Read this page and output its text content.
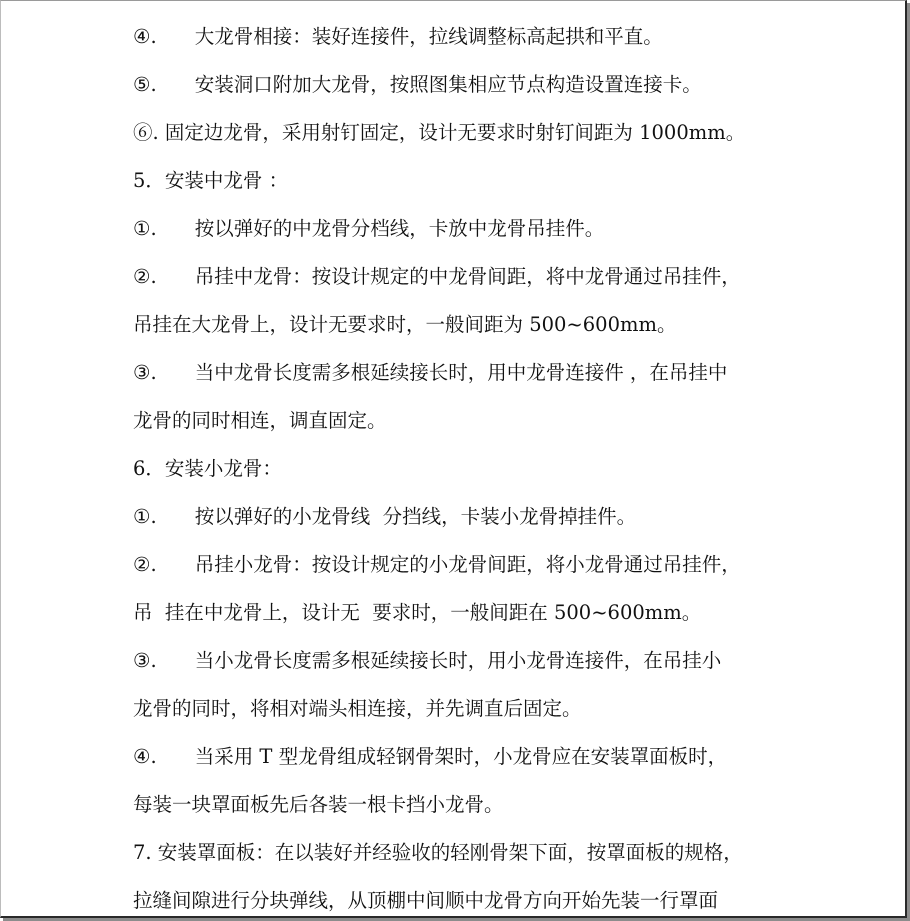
④. 大龙骨相接：装好连接件，拉线调整标高起拱和平直。
⑤. 安装洞口附加大龙骨，按照图集相应节点构造设置连接卡。
⑥. 固定边龙骨，采用射钉固定，设计无要求时射钉间距为 1000mm。
5．安装中龙骨 ：
①. 按以弹好的中龙骨分档线，卡放中龙骨吊挂件。
②. 吊挂中龙骨：按设计规定的中龙骨间距，将中龙骨通过吊挂件，
吊挂在大龙骨上，设计无要求时，一般间距为 500~600mm。
③. 当中龙骨长度需多根延续接长时，用中龙骨连接件 ，在吊挂中
龙骨的同时相连，调直固定。
6．安装小龙骨：
①. 按以弹好的小龙骨线  分挡线，卡装小龙骨掉挂件。
②. 吊挂小龙骨：按设计规定的小龙骨间距，将小龙骨通过吊挂件，
吊  挂在中龙骨上，设计无  要求时，一般间距在 500~600mm。
③. 当小龙骨长度需多根延续接长时，用小龙骨连接件，在吊挂小
龙骨的同时，将相对端头相连接，并先调直后固定。
④. 当采用 T 型龙骨组成轻钢骨架时，小龙骨应在安装罩面板时，
每装一块罩面板先后各装一根卡挡小龙骨。
7. 安装罩面板：在以装好并经验收的轻刚骨架下面，按罩面板的规格，
拉缝间隙进行分块弹线，从顶棚中间顺中龙骨方向开始先装一行罩面
